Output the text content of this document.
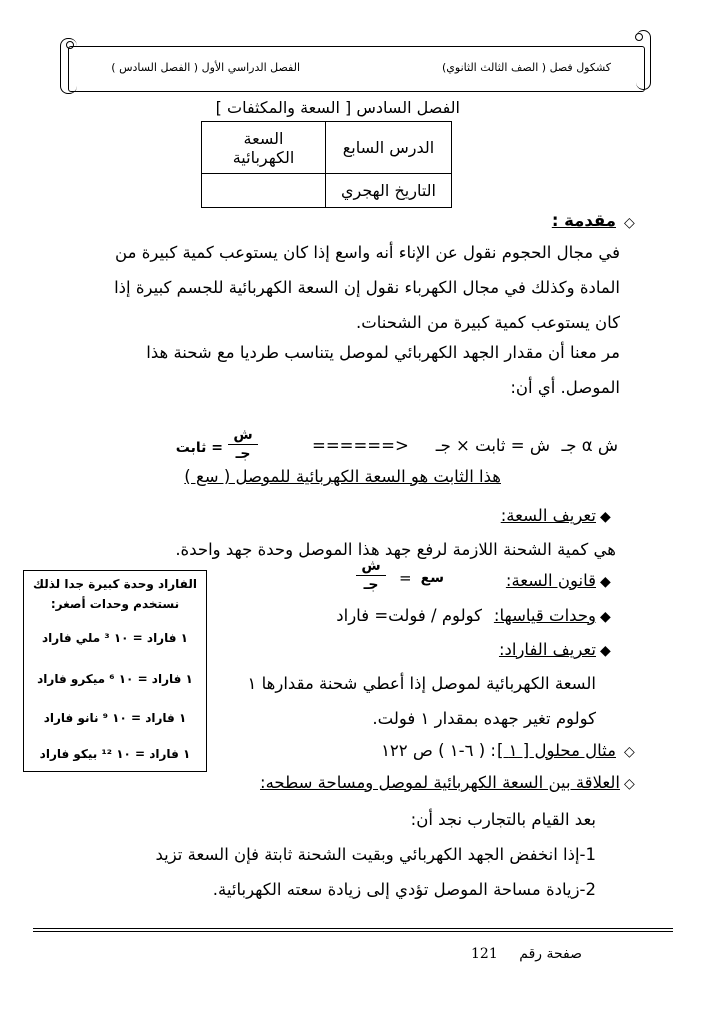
كشكول فصل ( الصف الثالث الثانوي)
الفصل الدراسي الأول ( الفصل السادس )
الفصل السادس [ السعة والمكثفات ]
السعة
الكهربائية	الدرس السابع
	التاريخ الهجري
◇
مقدمة :
في مجال الحجوم نقول عن الإناء أنه واسع إذا كان يستوعب كمية كبيرة من
المادة وكذلك في مجال الكهرباء نقول إن السعة الكهربائية للجسم كبيرة إذا
كان يستوعب كمية كبيرة من الشحنات.
مر معنا أن مقدار الجهد الكهربائي لموصل يتناسب طرديا مع شحنة هذا
الموصل. أي أن:
ش α جـ
ش = ثابت × جـ
======>
ش
جـ
= ثابت
هذا الثابت هو السعة الكهربائية للموصل ( سع )
◆
تعريف السعة:
هي كمية الشحنة اللازمة لرفع جهد هذا الموصل وحدة جهد واحدة.
◆
قانون السعة:
سع
=
ش
جـ
◆
وحدات قياسها:
كولوم / فولت= فاراد
◆
تعريف الفاراد:
السعة الكهربائية لموصل إذا أعطي شحنة مقدارها ١
كولوم تغير جهده بمقدار ١ فولت.
◇
مثال محلول [ ١ ]
: ( ٦-١ ) ص ١٢٢
◇
العلاقة بين السعة الكهربائية لموصل ومساحة سطحه:
بعد القيام بالتجارب نجد أن:
1-إذا انخفض الجهد الكهربائي وبقيت الشحنة ثابتة فإن السعة تزيد
2-زيادة مساحة الموصل تؤدي إلى زيادة سعته الكهربائية.
الفاراد وحدة كبيرة جدا لذلك
نستخدم وحدات أصغر:
١ فاراد = ١٠ ³ ملي فاراد
١ فاراد = ١٠ ⁶ ميكرو فاراد
١ فاراد = ١٠ ⁹ نانو فاراد
١ فاراد = ١٠ ¹² بيكو فاراد
صفحة رقم
121
